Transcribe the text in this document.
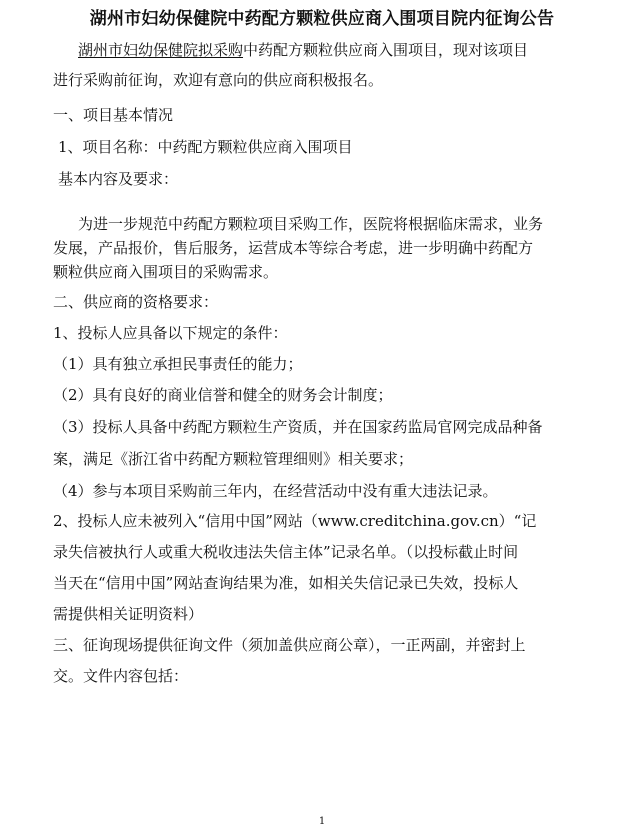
湖州市妇幼保健院中药配方颗粒供应商入围项目院内征询公告
湖州市妇幼保健院拟采购中药配方颗粒供应商入围项目，现对该项目
进行采购前征询，欢迎有意向的供应商积极报名。
一、项目基本情况
1、项目名称：中药配方颗粒供应商入围项目
基本内容及要求：
为进一步规范中药配方颗粒项目采购工作，医院将根据临床需求，业务
发展，产品报价，售后服务，运营成本等综合考虑，进一步明确中药配方
颗粒供应商入围项目的采购需求。
二、供应商的资格要求：
1、投标人应具备以下规定的条件：
（1）具有独立承担民事责任的能力；
（2）具有良好的商业信誉和健全的财务会计制度；
（3）投标人具备中药配方颗粒生产资质，并在国家药监局官网完成品种备
案，满足《浙江省中药配方颗粒管理细则》相关要求；
（4）参与本项目采购前三年内，在经营活动中没有重大违法记录。
2、投标人应未被列入“信用中国”网站（www.creditchina.gov.cn）“记
录失信被执行人或重大税收违法失信主体”记录名单。（以投标截止时间
当天在“信用中国”网站查询结果为准，如相关失信记录已失效，投标人
需提供相关证明资料）
三、征询现场提供征询文件（须加盖供应商公章），一正两副，并密封上
交。文件内容包括：
1
